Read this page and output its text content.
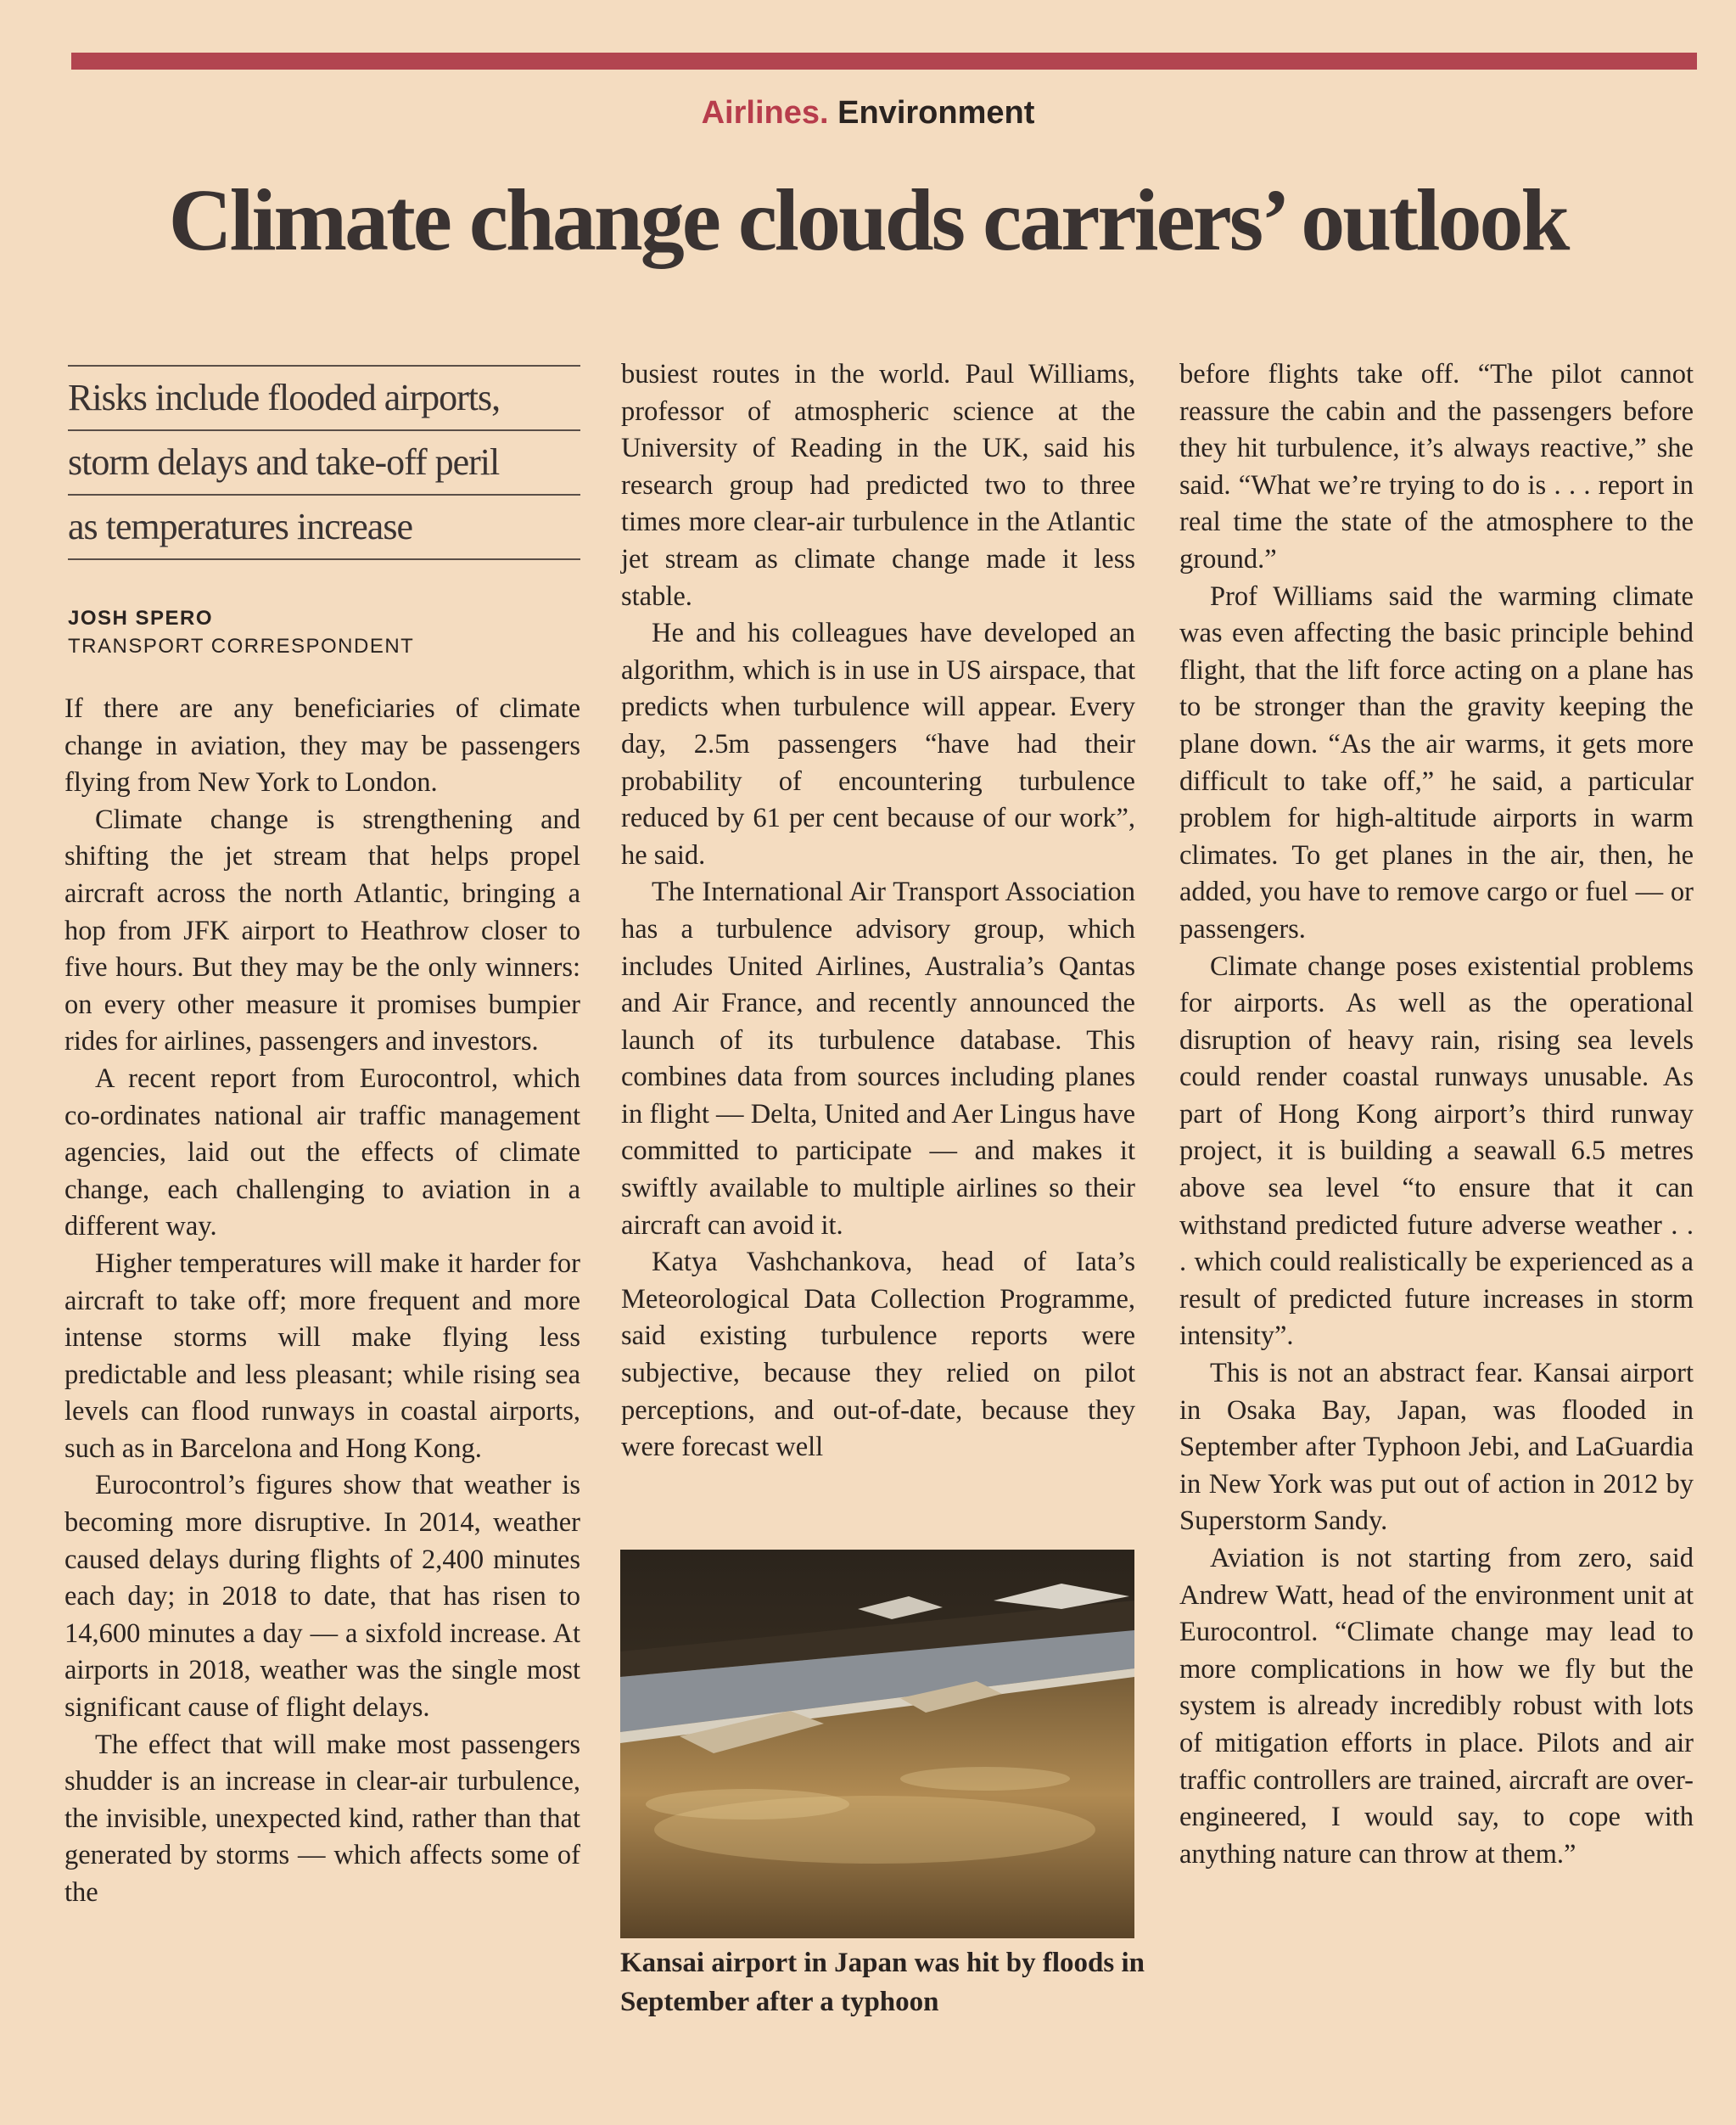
Airlines. Environment
Climate change clouds carriers’ outlook
Risks include flooded airports,
storm delays and take-off peril
as temperatures increase
JOSH SPERO
TRANSPORT CORRESPONDENT

If there are any beneficiaries of climate change in aviation, they may be passengers flying from New York to London.

Climate change is strengthening and shifting the jet stream that helps propel aircraft across the north Atlantic, bringing a hop from JFK airport to Heathrow closer to five hours. But they may be the only winners: on every other measure it promises bumpier rides for airlines, passengers and investors.

A recent report from Eurocontrol, which co-ordinates national air traffic management agencies, laid out the effects of climate change, each challenging to aviation in a different way.

Higher temperatures will make it harder for aircraft to take off; more frequent and more intense storms will make flying less predictable and less pleasant; while rising sea levels can flood runways in coastal airports, such as in Barcelona and Hong Kong.

Eurocontrol’s figures show that weather is becoming more disruptive. In 2014, weather caused delays during flights of 2,400 minutes each day; in 2018 to date, that has risen to 14,600 minutes a day — a sixfold increase. At airports in 2018, weather was the single most significant cause of flight delays.

The effect that will make most passengers shudder is an increase in clear-air turbulence, the invisible, unexpected kind, rather than that generated by storms — which affects some of the

busiest routes in the world. Paul Williams, professor of atmospheric science at the University of Reading in the UK, said his research group had predicted two to three times more clear-air turbulence in the Atlantic jet stream as climate change made it less stable.

He and his colleagues have developed an algorithm, which is in use in US airspace, that predicts when turbulence will appear. Every day, 2.5m passengers “have had their probability of encountering turbulence reduced by 61 per cent because of our work”, he said.

The International Air Transport Association has a turbulence advisory group, which includes United Airlines, Australia’s Qantas and Air France, and recently announced the launch of its turbulence database. This combines data from sources including planes in flight — Delta, United and Aer Lingus have committed to participate — and makes it swiftly available to multiple airlines so their aircraft can avoid it.

Katya Vashchankova, head of Iata’s Meteorological Data Collection Programme, said existing turbulence reports were subjective, because they relied on pilot perceptions, and out-of-date, because they were forecast well

Kansai airport in Japan was hit by floods in September after a typhoon

before flights take off. “The pilot cannot reassure the cabin and the passengers before they hit turbulence, it’s always reactive,” she said. “What we’re trying to do is . . . report in real time the state of the atmosphere to the ground.”

Prof Williams said the warming climate was even affecting the basic principle behind flight, that the lift force acting on a plane has to be stronger than the gravity keeping the plane down. “As the air warms, it gets more difficult to take off,” he said, a particular problem for high-altitude airports in warm climates. To get planes in the air, then, he added, you have to remove cargo or fuel — or passengers.

Climate change poses existential problems for airports. As well as the operational disruption of heavy rain, rising sea levels could render coastal runways unusable. As part of Hong Kong airport’s third runway project, it is building a seawall 6.5 metres above sea level “to ensure that it can withstand predicted future adverse weather . . . which could realistically be experienced as a result of predicted future increases in storm intensity”.

This is not an abstract fear. Kansai airport in Osaka Bay, Japan, was flooded in September after Typhoon Jebi, and LaGuardia in New York was put out of action in 2012 by Superstorm Sandy.

Aviation is not starting from zero, said Andrew Watt, head of the environment unit at Eurocontrol. “Climate change may lead to more complications in how we fly but the system is already incredibly robust with lots of mitigation efforts in place. Pilots and air traffic controllers are trained, aircraft are over-engineered, I would say, to cope with anything nature can throw at them.”
